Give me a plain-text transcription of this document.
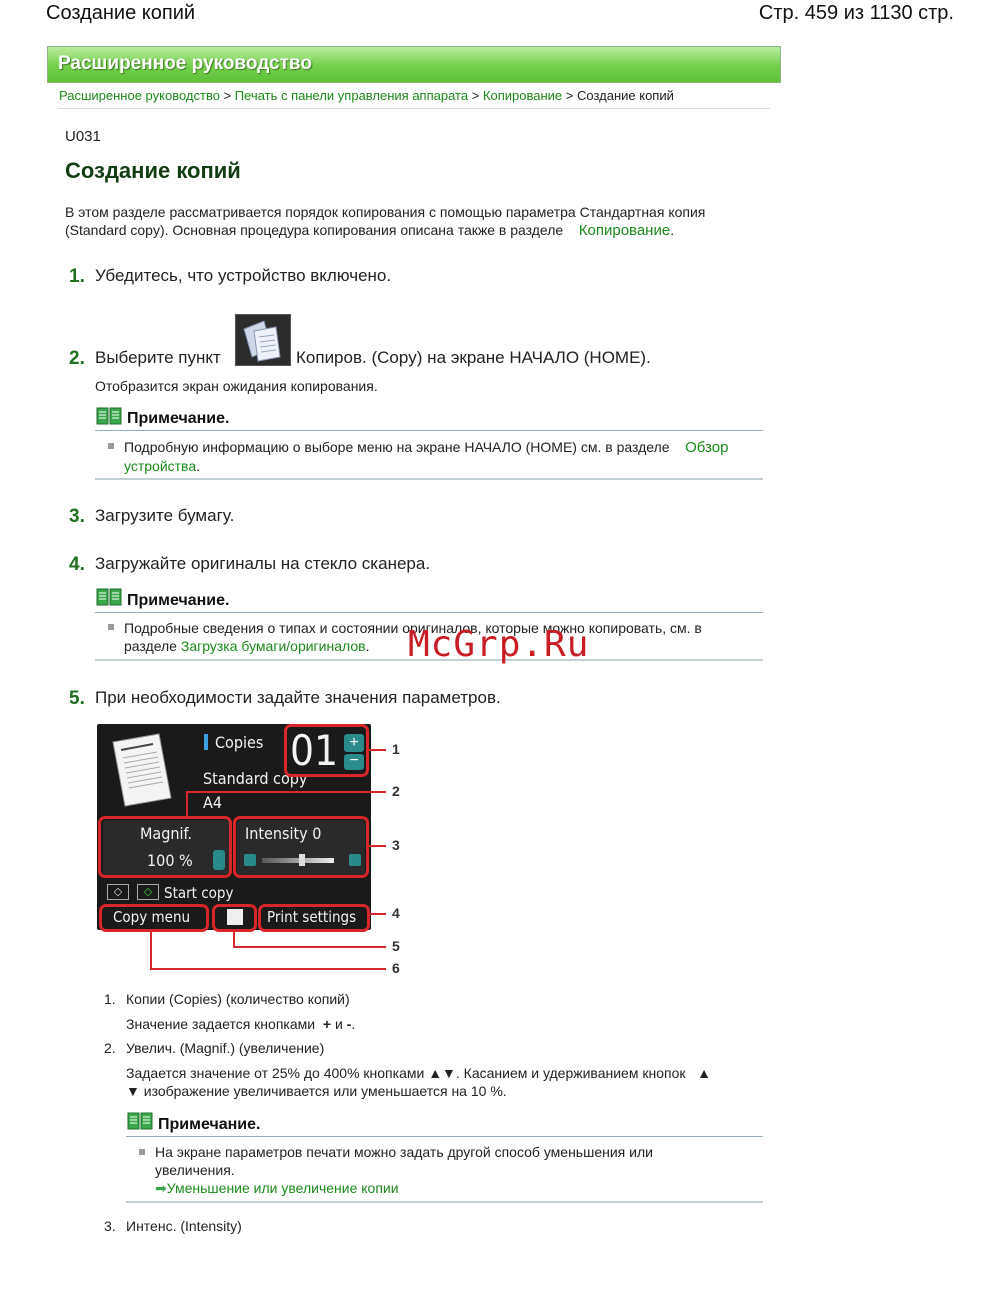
Создание копий	Стр. 459 из 1130 стр.
Расширенное руководство
Расширенное руководство > Печать с панели управления аппарата > Копирование > Создание копий
U031
Создание копий
В этом разделе рассматривается порядок копирования с помощью параметра Стандартная копия
(Standard copy). Основная процедура копирования описана также в разделе Копирование.
1. Убедитесь, что устройство включено.
2. Выберите пункт	Копиров. (Copy) на экране НАЧАЛО (HOME).
Отобразится экран ожидания копирования.
Примечание.
Подробную информацию о выборе меню на экране НАЧАЛО (HOME) см. в разделе Обзор
устройства.
3. Загрузите бумагу.
4. Загружайте оригиналы на стекло сканера.
Примечание.
Подробные сведения о типах и состоянии оригиналов, которые можно копировать, см. в
разделе Загрузка бумаги/оригиналов.	McGrp.Ru
5. При необходимости задайте значения параметров.
Copies 01 +
−
Standard copy
A4
Magnif.
100 %
Intensity 0
◇	◇ Start copy
Copy menu	Print settings
1
2
3
4
5
6
1. Копии (Copies) (количество копий)
Значение задается кнопками + и -.
2. Увелич. (Magnif.) (увеличение)
Задается значение от 25% до 400% кнопками ▲▼. Касанием и удерживанием кнопок ▲
▼ изображение увеличивается или уменьшается на 10 %.
Примечание.
На экране параметров печати можно задать другой способ уменьшения или
увеличения.
➡Уменьшение или увеличение копии
3. Интенс. (Intensity)
